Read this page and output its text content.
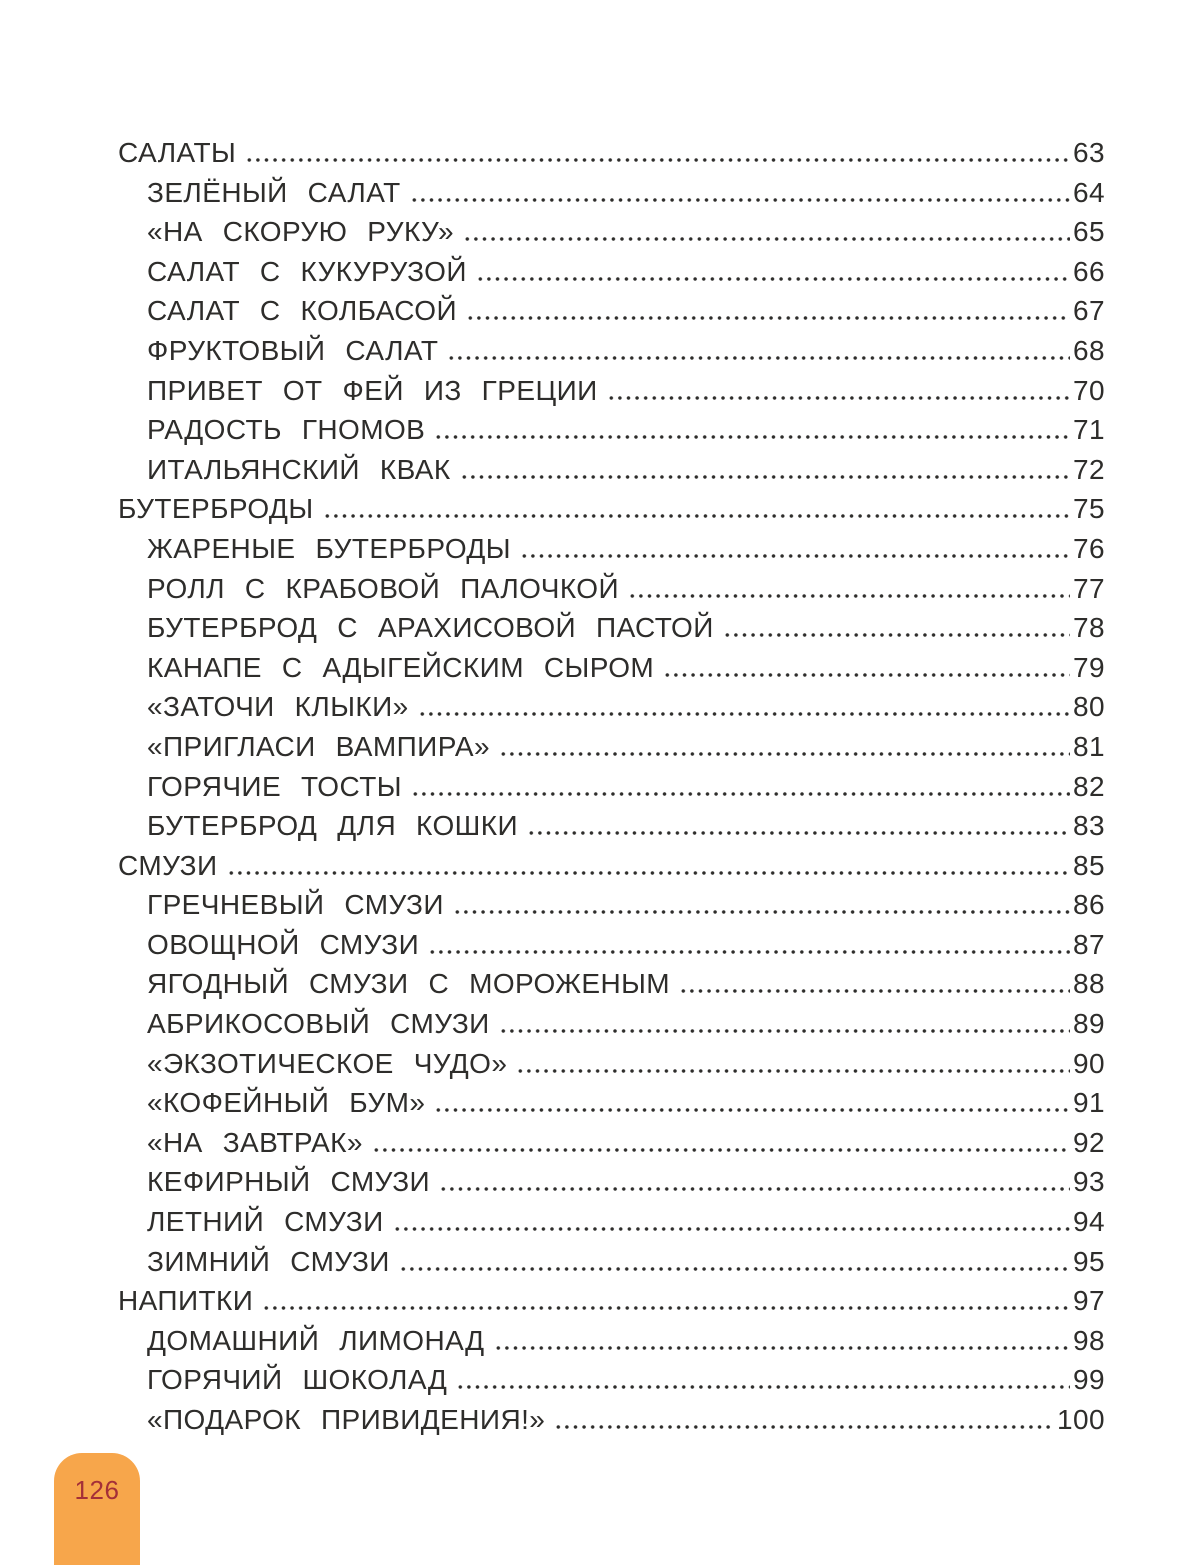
САЛАТЫ	63
ЗЕЛЁНЫЙ САЛАТ	64
«НА СКОРУЮ РУКУ»	65
САЛАТ С КУКУРУЗОЙ	66
САЛАТ С КОЛБАСОЙ	67
ФРУКТОВЫЙ САЛАТ	68
ПРИВЕТ ОТ ФЕЙ ИЗ ГРЕЦИИ	70
РАДОСТЬ ГНОМОВ	71
ИТАЛЬЯНСКИЙ КВАК	72
БУТЕРБРОДЫ	75
ЖАРЕНЫЕ БУТЕРБРОДЫ	76
РОЛЛ С КРАБОВОЙ ПАЛОЧКОЙ	77
БУТЕРБРОД С АРАХИСОВОЙ ПАСТОЙ	78
КАНАПЕ С АДЫГЕЙСКИМ СЫРОМ	79
«ЗАТОЧИ КЛЫКИ»	80
«ПРИГЛАСИ ВАМПИРА»	81
ГОРЯЧИЕ ТОСТЫ	82
БУТЕРБРОД ДЛЯ КОШКИ	83
СМУЗИ	85
ГРЕЧНЕВЫЙ СМУЗИ	86
ОВОЩНОЙ СМУЗИ	87
ЯГОДНЫЙ СМУЗИ С МОРОЖЕНЫМ	88
АБРИКОСОВЫЙ СМУЗИ	89
«ЭКЗОТИЧЕСКОЕ ЧУДО»	90
«КОФЕЙНЫЙ БУМ»	91
«НА ЗАВТРАК»	92
КЕФИРНЫЙ СМУЗИ	93
ЛЕТНИЙ СМУЗИ	94
ЗИМНИЙ СМУЗИ	95
НАПИТКИ	97
ДОМАШНИЙ ЛИМОНАД	98
ГОРЯЧИЙ ШОКОЛАД	99
«ПОДАРОК ПРИВИДЕНИЯ!»	100
126
